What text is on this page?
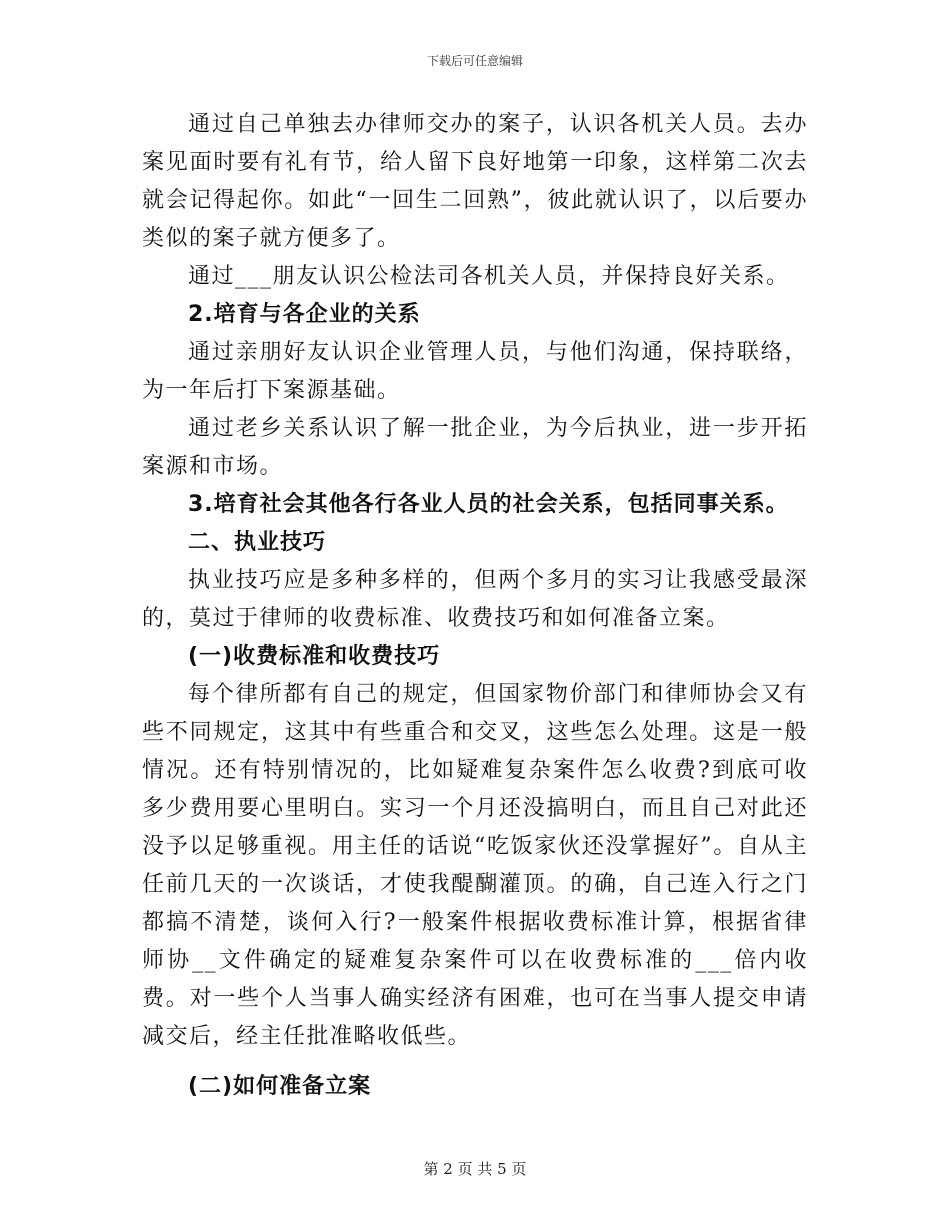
下载后可任意编辑

通过自己单独去办律师交办的案子，认识各机关人员。去办案见面时要有礼有节，给人留下良好地第一印象，这样第二次去就会记得起你。如此“一回生二回熟”，彼此就认识了，以后要办类似的案子就方便多了。

通过___朋友认识公检法司各机关人员，并保持良好关系。

2.培育与各企业的关系

通过亲朋好友认识企业管理人员，与他们沟通，保持联络，为一年后打下案源基础。

通过老乡关系认识了解一批企业，为今后执业，进一步开拓案源和市场。

3.培育社会其他各行各业人员的社会关系，包括同事关系。

二、执业技巧

执业技巧应是多种多样的，但两个多月的实习让我感受最深的，莫过于律师的收费标准、收费技巧和如何准备立案。

(一)收费标准和收费技巧

每个律所都有自己的规定，但国家物价部门和律师协会又有些不同规定，这其中有些重合和交叉，这些怎么处理。这是一般情况。还有特别情况的，比如疑难复杂案件怎么收费?到底可收多少费用要心里明白。实习一个月还没搞明白，而且自己对此还没予以足够重视。用主任的话说“吃饭家伙还没掌握好”。自从主任前几天的一次谈话，才使我醍醐灌顶。的确，自己连入行之门都搞不清楚，谈何入行?一般案件根据收费标准计算，根据省律师协__文件确定的疑难复杂案件可以在收费标准的___倍内收费。对一些个人当事人确实经济有困难，也可在当事人提交申请减交后，经主任批准略收低些。

(二)如何准备立案

第 2 页 共 5 页
